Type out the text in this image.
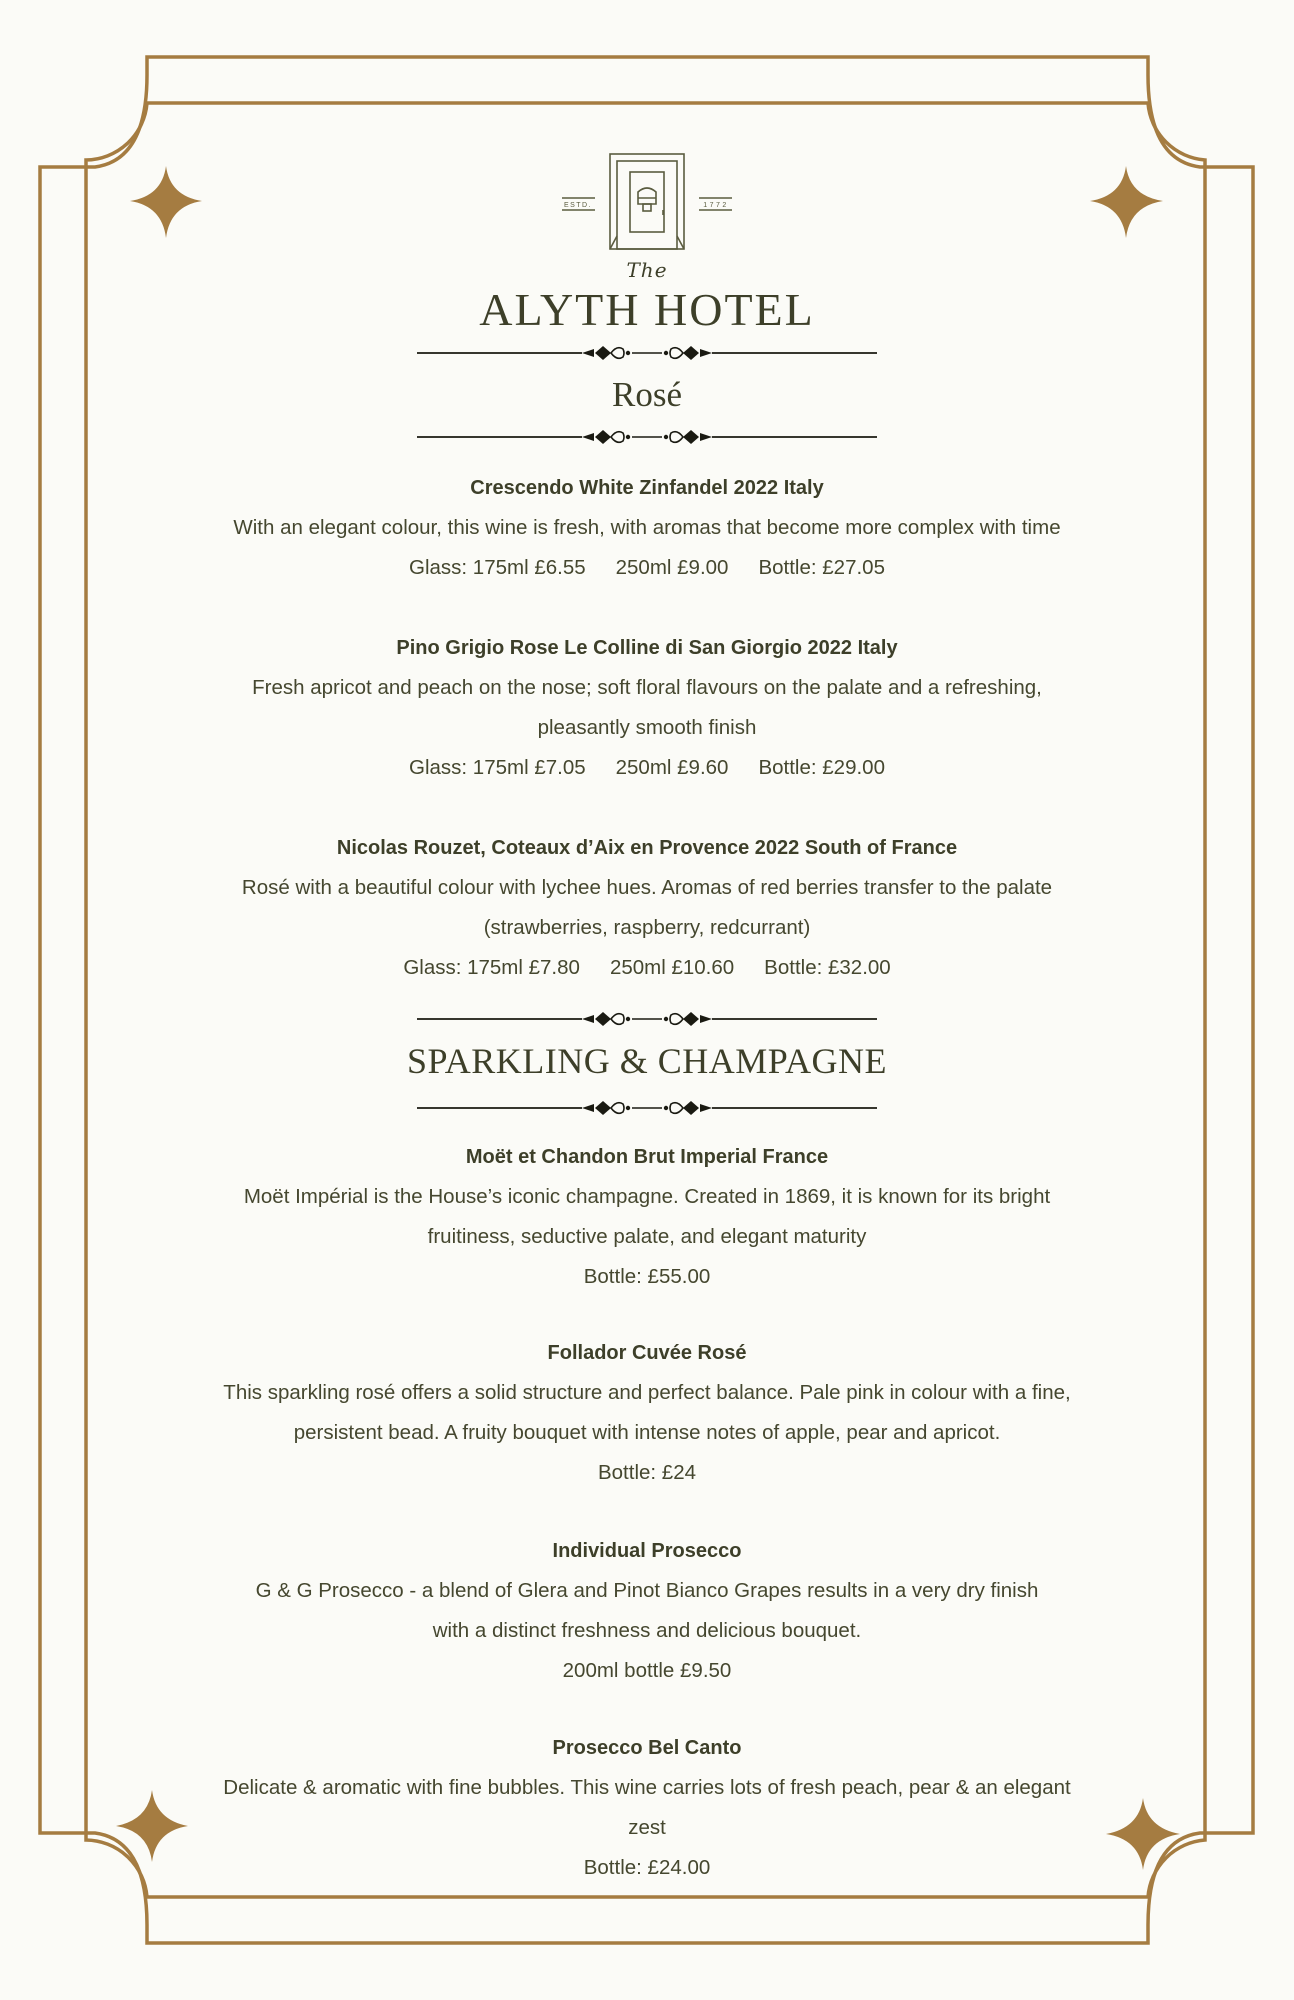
ESTD.	1772
The
ALYTH HOTEL
Rosé
Crescendo White Zinfandel 2022 Italy
With an elegant colour, this wine is fresh, with aromas that become more complex with time
Glass: 175ml £6.55 250ml £9.00 Bottle: £27.05
Pino Grigio Rose Le Colline di San Giorgio 2022 Italy
Fresh apricot and peach on the nose; soft floral flavours on the palate and a refreshing,
pleasantly smooth finish
Glass: 175ml £7.05 250ml £9.60 Bottle: £29.00
Nicolas Rouzet, Coteaux d’Aix en Provence 2022 South of France
Rosé with a beautiful colour with lychee hues. Aromas of red berries transfer to the palate
(strawberries, raspberry, redcurrant)
Glass: 175ml £7.80 250ml £10.60 Bottle: £32.00
SPARKLING & CHAMPAGNE
Moët et Chandon Brut Imperial France
Moët Impérial is the House’s iconic champagne. Created in 1869, it is known for its bright
fruitiness, seductive palate, and elegant maturity
Bottle: £55.00
Follador Cuvée Rosé
This sparkling rosé offers a solid structure and perfect balance. Pale pink in colour with a fine,
persistent bead. A fruity bouquet with intense notes of apple, pear and apricot.
Bottle: £24
Individual Prosecco
G & G Prosecco - a blend of Glera and Pinot Bianco Grapes results in a very dry finish
with a distinct freshness and delicious bouquet.
200ml bottle £9.50
Prosecco Bel Canto
Delicate & aromatic with fine bubbles. This wine carries lots of fresh peach, pear & an elegant
zest
Bottle: £24.00
